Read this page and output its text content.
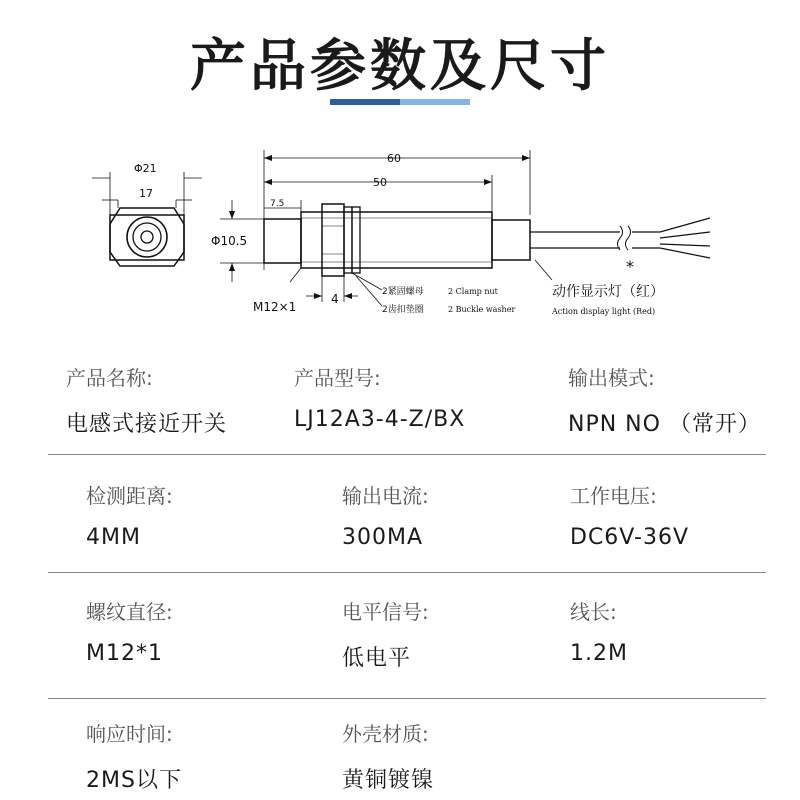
产品参数及尺寸
Φ21
17
60
50
7.5
Φ10.5
M12×1
4	2紧固螺母	2 Clamp nut
2齿扣垫圈	2 Buckle washer
*
动作显示灯（红）
Action display light (Red)
产品名称:
电感式接近开关
产品型号:
LJ12A3-4-Z/BX
输出模式:
NPN NO （常开）
检测距离:
4MM
输出电流:
300MA
工作电压:
DC6V-36V
螺纹直径:
M12*1
电平信号:
低电平
线长:
1.2M
响应时间:
2MS以下
外壳材质:
黄铜镀镍
